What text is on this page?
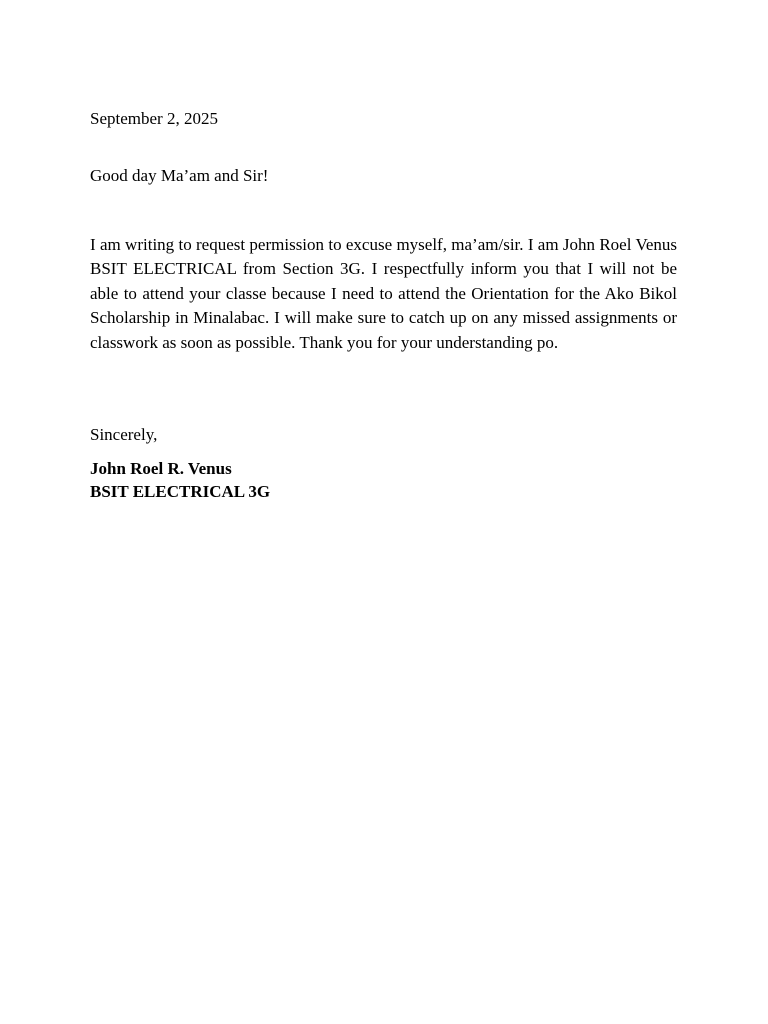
September 2, 2025
Good day Ma’am and Sir!
I am writing to request permission to excuse myself, ma’am/sir. I am John Roel Venus BSIT ELECTRICAL from Section 3G. I respectfully inform you that I will not be able to attend your classe because I need to attend the Orientation for the Ako Bikol Scholarship in Minalabac. I will make sure to catch up on any missed assignments or classwork as soon as possible. Thank you for your understanding po.
Sincerely,
John Roel R. Venus
BSIT ELECTRICAL 3G
